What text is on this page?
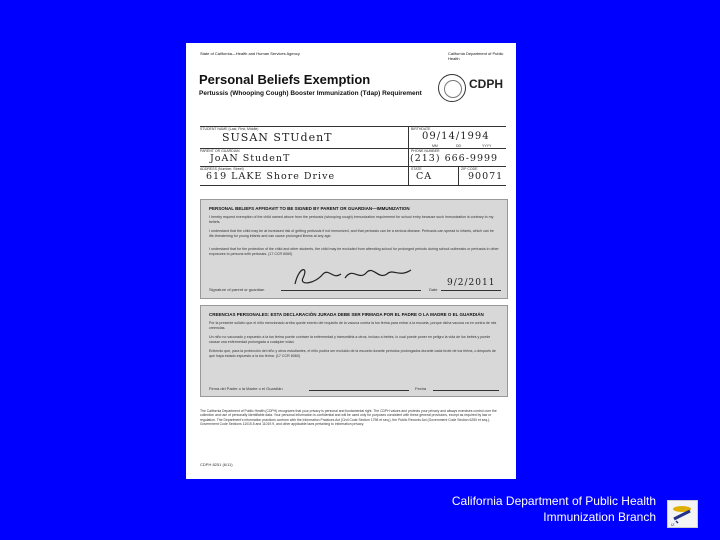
State of California—Health and Human Services Agency	California Department of Public Health
Personal Beliefs Exemption
Pertussis (Whooping Cough) Booster Immunization (Tdap) Requirement
CDPH
STUDENT NAME (Last, First, Middle)
SUSAN STUdenT
BIRTHDATE
09/14/1994
MM	DD	YYYY
PARENT OR GUARDIAN
JoAN StudenT
PHONE NUMBER
(213) 666-9999
ADDRESS (Number, Street)
619 LAKE Shore Drive
STATE
CA
ZIP CODE
90071
PERSONAL BELIEFS AFFIDAVIT TO BE SIGNED BY PARENT OR GUARDIAN—IMMUNIZATION
I hereby request exemption of the child named above from the pertussis (whooping cough) immunization requirement for school entry because such immunization is contrary to my beliefs.
I understand that the child may be at increased risk of getting pertussis if not immunized, and that pertussis can be a serious disease. Pertussis can spread to infants, which can be life-threatening for young infants and can cause prolonged illness at any age.
I understand that for the protection of the child and other students, the child may be excluded from attending school for prolonged periods during school outbreaks or pertussis in other exposures to persons with pertussis. (17 CCR 6060)
Signature of parent or guardian	Date
9/2/2011
CREENCIAS PERSONALES: ESTA DECLARACIÓN JURADA DEBE SER FIRMADA POR EL PADRE O LA MADRE O EL GUARDIÁN
Por la presente solicito que el niño mencionado arriba quede exento del requisito de la vacuna contra la tos ferina para entrar a la escuela, porque dicha vacuna va en contra de mis creencias.
Un niño no vacunado y expuesto a la tos ferina puede contraer la enfermedad y transmitirla a otros, incluso a bebés, lo cual puede poner en peligro la vida de los bebés y puede causar una enfermedad prolongada a cualquier edad.
Entiendo que, para la protección del niño y otros estudiantes, el niño podría ser excluido de la escuela durante periodos prolongados durante cada brote de tos ferina, o después de que haya estado expuesto a la tos ferina. (17 CCR 6060)
Firma del Padre o la Madre o el Guardián	Fecha
The California Department of Public Health (CDPH) recognizes that your privacy is personal and fundamental right. The CDPH values and protects your privacy and always exercises control over the collection and use of personally identifiable data. Your personal information is confidential and will be used only for purposes consistent with these general provisions, except as required by law or regulation. The Department's information practices conform with the Information Practices Act (Civil Code Section 1798 et seq.), the Public Records Act (Government Code Section 6250 et seq.), Government Code Sections 11015.5 and 11019.9, and other applicable laws pertaining to information privacy.
CDPH 8251 (6/11)
California Department of Public Health
Immunization Branch
IZ
